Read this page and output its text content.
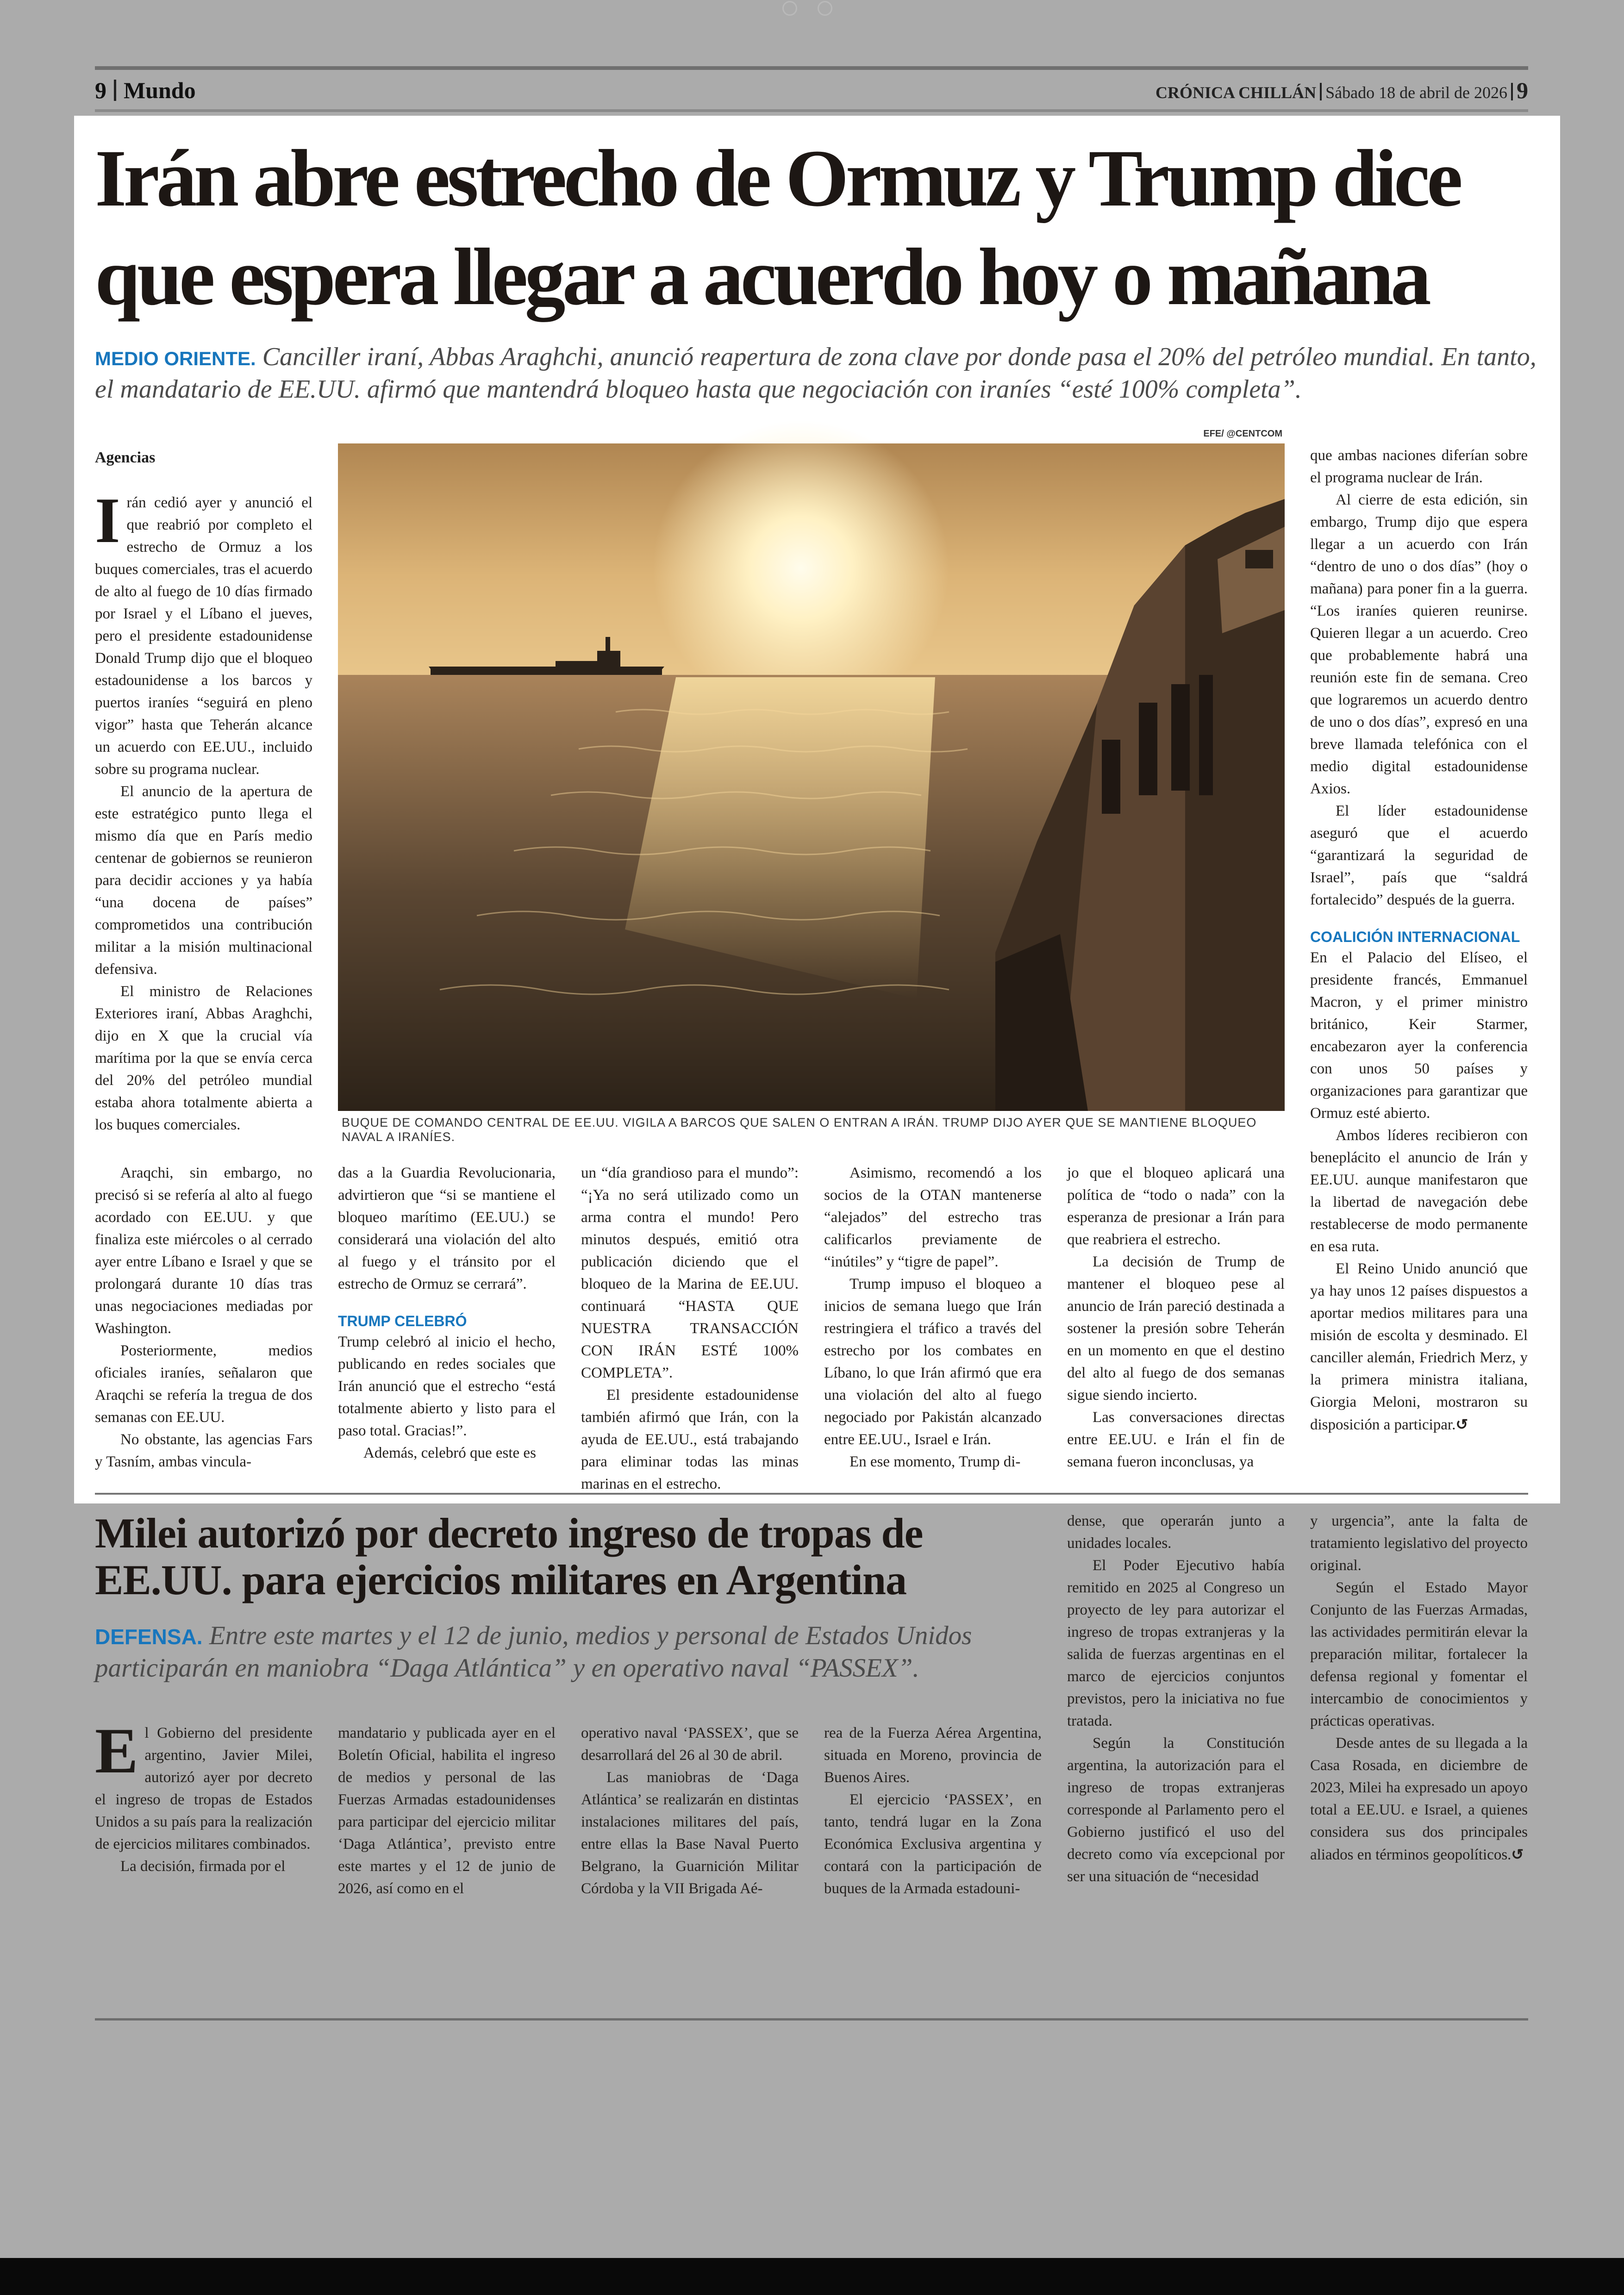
9 Mundo	CRÓNICA CHILLÁN Sábado 18 de abril de 2026 9
Irán abre estrecho de Ormuz y Trump dice que espera llegar a acuerdo hoy o mañana
MEDIO ORIENTE. Canciller iraní, Abbas Araghchi, anunció reapertura de zona clave por donde pasa el 20% del petróleo mundial. En tanto, el mandatario de EE.UU. afirmó que mantendrá bloqueo hasta que negociación con iraníes “esté 100% completa”.
Agencias

Irán cedió ayer y anunció el que reabrió por completo el estrecho de Ormuz a los buques comerciales, tras el acuerdo de alto al fuego de 10 días firmado por Israel y el Líbano el jueves, pero el presidente estadounidense Donald Trump dijo que el bloqueo estadounidense a los barcos y puertos iraníes “seguirá en pleno vigor” hasta que Teherán alcance un acuerdo con EE.UU., incluido sobre su programa nuclear.

El anuncio de la apertura de este estratégico punto llega el mismo día que en París medio centenar de gobiernos se reunieron para decidir acciones y ya había “una docena de países” comprometidos una contribución militar a la misión multinacional defensiva.

El ministro de Relaciones Exteriores iraní, Abbas Araghchi, dijo en X que la crucial vía marítima por la que se envía cerca del 20% del petróleo mundial estaba ahora totalmente abierta a los buques comerciales.

Araqchi, sin embargo, no precisó si se refería al alto al fuego acordado con EE.UU. y que finaliza este miércoles o al cerrado ayer entre Líbano e Israel y que se prolongará durante 10 días tras unas negociaciones mediadas por Washington.

Posteriormente, medios oficiales iraníes, señalaron que Araqchi se refería la tregua de dos semanas con EE.UU.

No obstante, las agencias Fars y Tasním, ambas vincula-

EFE/ @CENTCOM
BUQUE DE COMANDO CENTRAL DE EE.UU. VIGILA A BARCOS QUE SALEN O ENTRAN A IRÁN. TRUMP DIJO AYER QUE SE MANTIENE BLOQUEO NAVAL A IRANÍES.

das a la Guardia Revolucionaria, advirtieron que “si se mantiene el bloqueo marítimo (EE.UU.) se considerará una violación del alto al fuego y el tránsito por el estrecho de Ormuz se cerrará”.

TRUMP CELEBRÓ

Trump celebró al inicio el hecho, publicando en redes sociales que Irán anunció que el estrecho “está totalmente abierto y listo para el paso total. Gracias!”.

Además, celebró que este es

un “día grandioso para el mundo”: “¡Ya no será utilizado como un arma contra el mundo! Pero minutos después, emitió otra publicación diciendo que el bloqueo de la Marina de EE.UU. continuará “HASTA QUE NUESTRA TRANSACCIÓN CON IRÁN ESTÉ 100% COMPLETA”.

El presidente estadounidense también afirmó que Irán, con la ayuda de EE.UU., está trabajando para eliminar todas las minas marinas en el estrecho.

Asimismo, recomendó a los socios de la OTAN mantenerse “alejados” del estrecho tras calificarlos previamente de “inútiles” y “tigre de papel”.

Trump impuso el bloqueo a inicios de semana luego que Irán restringiera el tráfico a través del estrecho por los combates en Líbano, lo que Irán afirmó que era una violación del alto al fuego negociado por Pakistán alcanzado entre EE.UU., Israel e Irán.

En ese momento, Trump di-

jo que el bloqueo aplicará una política de “todo o nada” con la esperanza de presionar a Irán para que reabriera el estrecho.

La decisión de Trump de mantener el bloqueo pese al anuncio de Irán pareció destinada a sostener la presión sobre Teherán en un momento en que el destino del alto al fuego de dos semanas sigue siendo incierto.

Las conversaciones directas entre EE.UU. e Irán el fin de semana fueron inconclusas, ya

que ambas naciones diferían sobre el programa nuclear de Irán.

Al cierre de esta edición, sin embargo, Trump dijo que espera llegar a un acuerdo con Irán “dentro de uno o dos días” (hoy o mañana) para poner fin a la guerra. “Los iraníes quieren reunirse. Quieren llegar a un acuerdo. Creo que probablemente habrá una reunión este fin de semana. Creo que lograremos un acuerdo dentro de uno o dos días”, expresó en una breve llamada telefónica con el medio digital estadounidense Axios.

El líder estadounidense aseguró que el acuerdo “garantizará la seguridad de Israel”, país que “saldrá fortalecido” después de la guerra.

COALICIÓN INTERNACIONAL

En el Palacio del Elíseo, el presidente francés, Emmanuel Macron, y el primer ministro británico, Keir Starmer, encabezaron ayer la conferencia con unos 50 países y organizaciones para garantizar que Ormuz esté abierto.

Ambos líderes recibieron con beneplácito el anuncio de Irán y EE.UU. aunque manifestaron que la libertad de navegación debe restablecerse de modo permanente en esa ruta.

El Reino Unido anunció que ya hay unos 12 países dispuestos a aportar medios militares para una misión de escolta y desminado. El canciller alemán, Friedrich Merz, y la primera ministra italiana, Giorgia Meloni, mostraron su disposición a participar.↺

Milei autorizó por decreto ingreso de tropas de EE.UU. para ejercicios militares en Argentina
DEFENSA. Entre este martes y el 12 de junio, medios y personal de Estados Unidos participarán en maniobra “Daga Atlántica” y en operativo naval “PASSEX”.

El Gobierno del presidente argentino, Javier Milei, autorizó ayer por decreto el ingreso de tropas de Estados Unidos a su país para la realización de ejercicios militares combinados.

La decisión, firmada por el

mandatario y publicada ayer en el Boletín Oficial, habilita el ingreso de medios y personal de las Fuerzas Armadas estadounidenses para participar del ejercicio militar ‘Daga Atlántica’, previsto entre este martes y el 12 de junio de 2026, así como en el

operativo naval ‘PASSEX’, que se desarrollará del 26 al 30 de abril.

Las maniobras de ‘Daga Atlántica’ se realizarán en distintas instalaciones militares del país, entre ellas la Base Naval Puerto Belgrano, la Guarnición Militar Córdoba y la VII Brigada Aé-

rea de la Fuerza Aérea Argentina, situada en Moreno, provincia de Buenos Aires.

El ejercicio ‘PASSEX’, en tanto, tendrá lugar en la Zona Económica Exclusiva argentina y contará con la participación de buques de la Armada estadouni-

dense, que operarán junto a unidades locales.

El Poder Ejecutivo había remitido en 2025 al Congreso un proyecto de ley para autorizar el ingreso de tropas extranjeras y la salida de fuerzas argentinas en el marco de ejercicios conjuntos previstos, pero la iniciativa no fue tratada.

Según la Constitución argentina, la autorización para el ingreso de tropas extranjeras corresponde al Parlamento pero el Gobierno justificó el uso del decreto como vía excepcional por ser una situación de “necesidad

y urgencia”, ante la falta de tratamiento legislativo del proyecto original.

Según el Estado Mayor Conjunto de las Fuerzas Armadas, las actividades permitirán elevar la preparación militar, fortalecer la defensa regional y fomentar el intercambio de conocimientos y prácticas operativas.

Desde antes de su llegada a la Casa Rosada, en diciembre de 2023, Milei ha expresado un apoyo total a EE.UU. e Israel, a quienes considera sus dos principales aliados en términos geopolíticos.↺
